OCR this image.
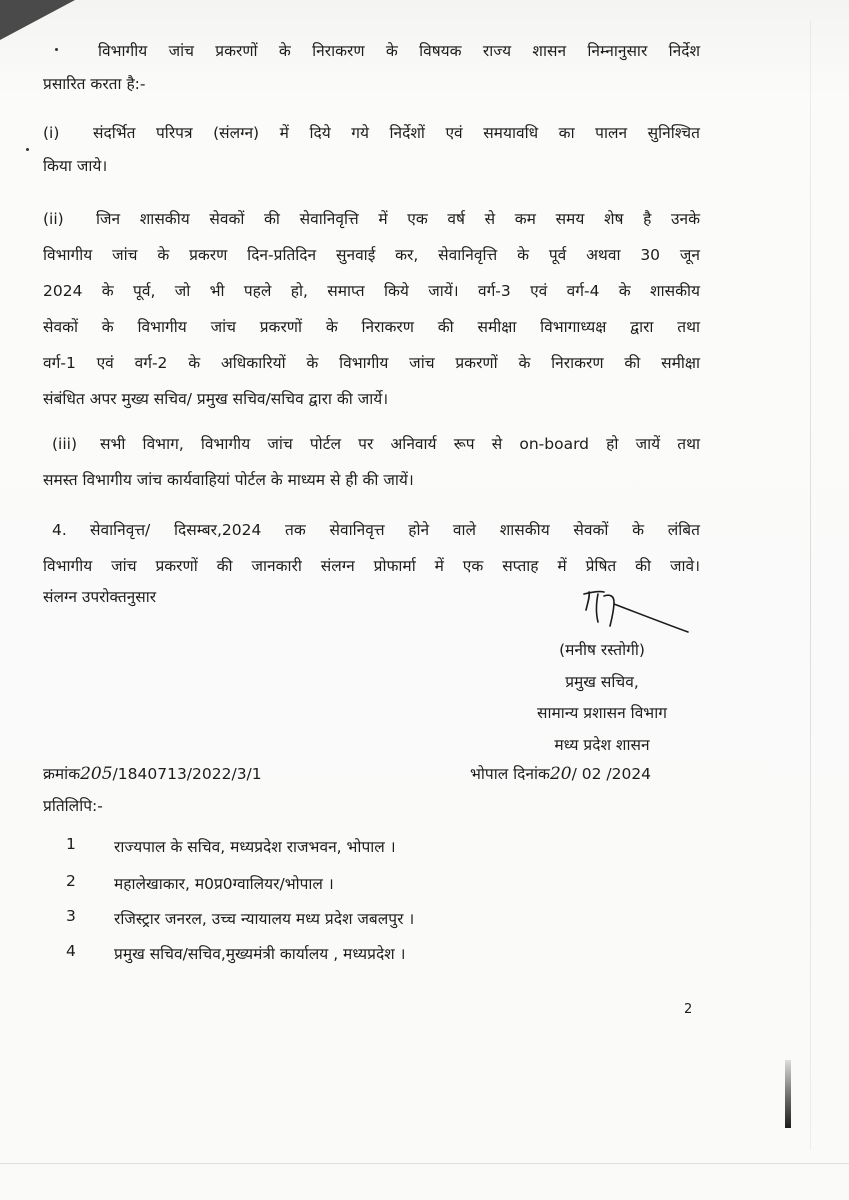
विभागीय जांच प्रकरणों के निराकरण के विषयक राज्य शासन निम्नानुसार निर्देश
प्रसारित करता है:-
(i) संदर्भित परिपत्र (संलग्न) में दिये गये निर्देशों एवं समयावधि का पालन सुनिश्चित
किया जाये।
(ii) जिन शासकीय सेवकों की सेवानिवृत्ति में एक वर्ष से कम समय शेष है उनके
विभागीय जांच के प्रकरण दिन-प्रतिदिन सुनवाई कर, सेवानिवृत्ति के पूर्व अथवा 30 जून
2024 के पूर्व, जो भी पहले हो, समाप्त किये जायें। वर्ग-3 एवं वर्ग-4 के शासकीय
सेवकों के विभागीय जांच प्रकरणों के निराकरण की समीक्षा विभागाध्यक्ष द्वारा तथा
वर्ग-1 एवं वर्ग-2 के अधिकारियों के विभागीय जांच प्रकरणों के निराकरण की समीक्षा
संबंधित अपर मुख्य सचिव/ प्रमुख सचिव/सचिव द्वारा की जार्ये।
(iii) सभी विभाग, विभागीय जांच पोर्टल पर अनिवार्य रूप से on-board हो जायें तथा
समस्त विभागीय जांच कार्यवाहियां पोर्टल के माध्यम से ही की जायें।
4. सेवानिवृत्त/ दिसम्बर,2024 तक सेवानिवृत्त होने वाले शासकीय सेवकों के लंबित
विभागीय जांच प्रकरणों की जानकारी संलग्न प्रोफार्मा में एक सप्ताह में प्रेषित की जावे।
संलग्न उपरोक्तनुसार
(मनीष रस्तोगी)
प्रमुख सचिव,
सामान्य प्रशासन विभाग
मध्य प्रदेश शासन
क्रमांक205/1840713/2022/3/1	भोपाल दिनांक20/ 02 /2024
प्रतिलिपि:-
1 राज्यपाल के सचिव, मध्यप्रदेश राजभवन, भोपाल ।
2 महालेखाकार, म0प्र0ग्वालियर/भोपाल ।
3 रजिस्ट्रार जनरल, उच्च न्यायालय मध्य प्रदेश जबलपुर ।
4 प्रमुख सचिव/सचिव,मुख्यमंत्री कार्यालय , मध्यप्रदेश ।
2
